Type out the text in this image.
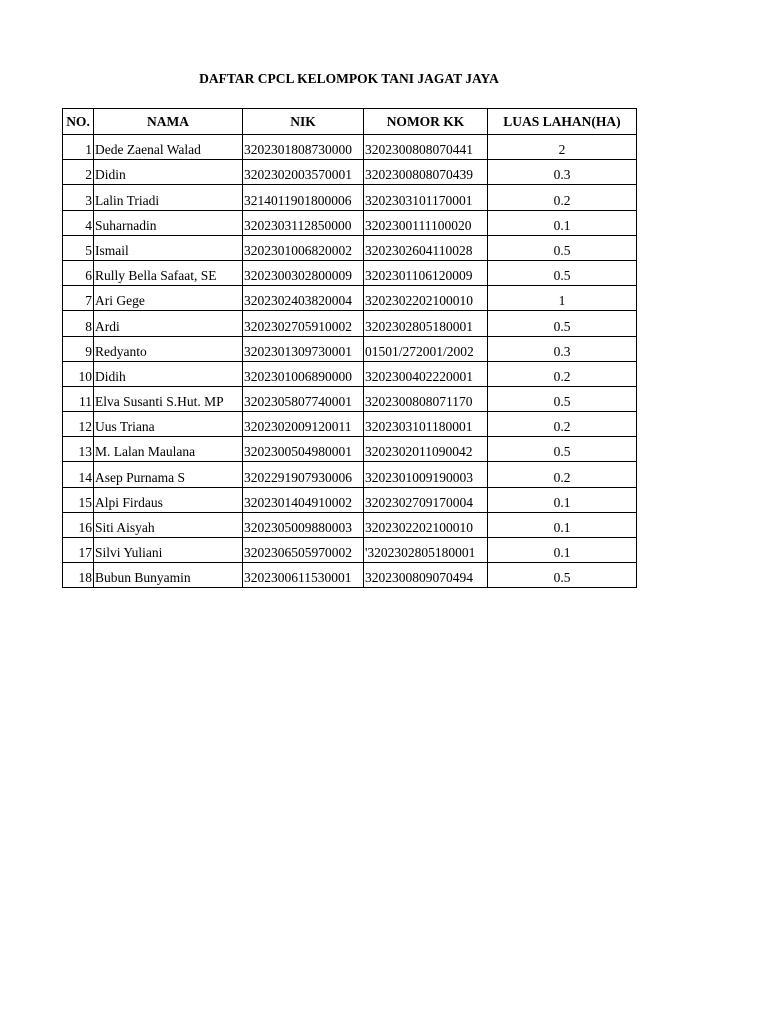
DAFTAR CPCL KELOMPOK TANI JAGAT JAYA
NO.	NAMA	NIK	NOMOR KK	LUAS LAHAN(HA)
1	Dede Zaenal Walad	3202301808730000	3202300808070441	2
2	Didin	3202302003570001	3202300808070439	0.3
3	Lalin Triadi	3214011901800006	3202303101170001	0.2
4	Suharnadin	3202303112850000	3202300111100020	0.1
5	Ismail	3202301006820002	3202302604110028	0.5
6	Rully Bella Safaat, SE	3202300302800009	3202301106120009	0.5
7	Ari Gege	3202302403820004	3202302202100010	1
8	Ardi	3202302705910002	3202302805180001	0.5
9	Redyanto	3202301309730001	01501/272001/2002	0.3
10	Didih	3202301006890000	3202300402220001	0.2
11	Elva Susanti S.Hut. MP	3202305807740001	3202300808071170	0.5
12	Uus Triana	3202302009120011	3202303101180001	0.2
13	M. Lalan Maulana	3202300504980001	3202302011090042	0.5
14	Asep Purnama S	3202291907930006	3202301009190003	0.2
15	Alpi Firdaus	3202301404910002	3202302709170004	0.1
16	Siti Aisyah	3202305009880003	3202302202100010	0.1
17	Silvi Yuliani	3202306505970002	'3202302805180001	0.1
18	Bubun Bunyamin	3202300611530001	3202300809070494	0.5
